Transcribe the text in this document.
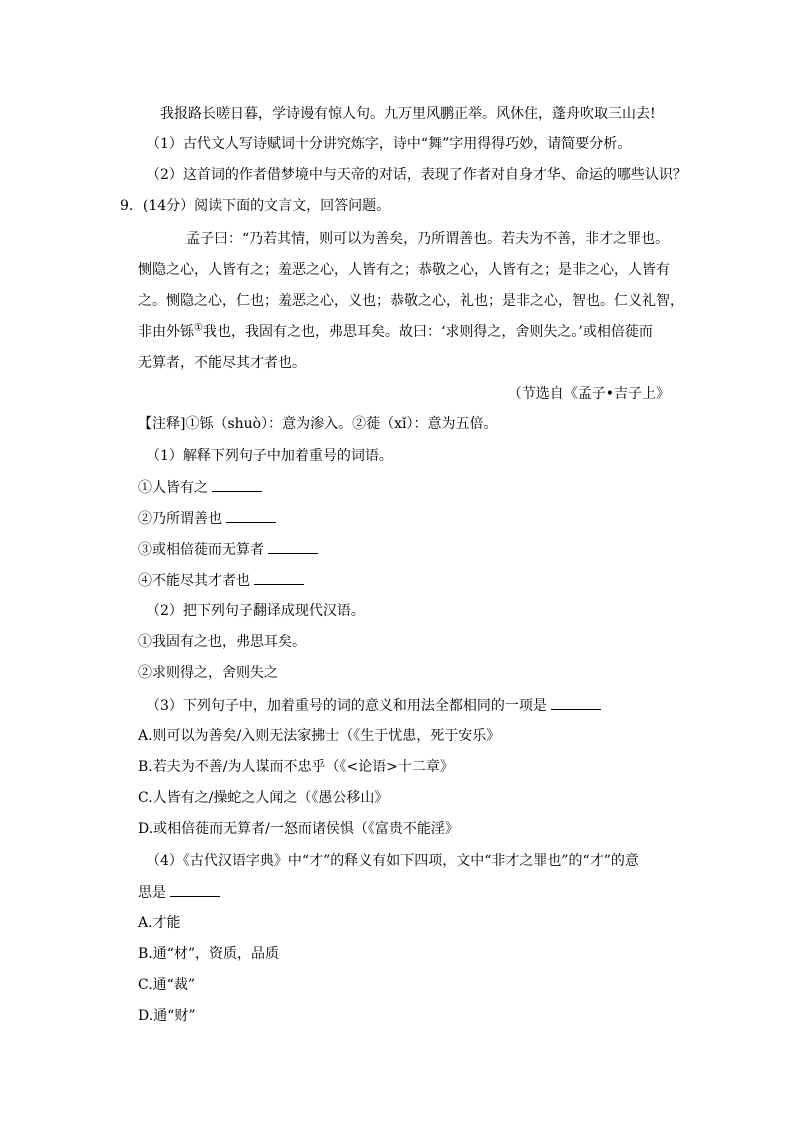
我报路长嗟日暮，学诗谩有惊人句。九万里风鹏正举。风休住，蓬舟吹取三山去!
（1）古代文人写诗赋词十分讲究炼字，诗中“舞”字用得得巧妙，请简要分析。
（2）这首词的作者借梦境中与天帝的对话，表现了作者对自身才华、命运的哪些认识？
9．(14分）阅读下面的文言文，回答问题。
孟子曰：“乃若其情，则可以为善矣，乃所谓善也。若夫为不善，非才之罪也。
恻隐之心，人皆有之；羞恶之心，人皆有之；恭敬之心，人皆有之；是非之心，人皆有
之。恻隐之心，仁也；羞恶之心，义也；恭敬之心，礼也；是非之心，智也。仁义礼智，
非由外铄①我也，我固有之也，弗思耳矣。故曰：‘求则得之，舍则失之。’或相倍蓰而
无算者，不能尽其才者也。
（节选自《孟子•吉子上》
【注释]①铄（shuò）：意为渗入。②蓰（xǐ）：意为五倍。
（1）解释下列句子中加着重号的词语。
①人皆有之
②乃所谓善也
③或相倍蓰而无算者
④不能尽其才者也
（2）把下列句子翻译成现代汉语。
①我固有之也，弗思耳矣。
②求则得之，舍则失之
（3）下列句子中，加着重号的词的意义和用法全都相同的一项是
A.则可以为善矣/入则无法家拂士（《生于忧患，死于安乐》
B.若夫为不善/为人谋而不忠乎（《<论语>十二章》
C.人皆有之/操蛇之人闻之（《愚公移山》
D.或相倍蓰而无算者/一怒而诸侯惧（《富贵不能淫》
（4）《古代汉语字典》中“才”的释义有如下四项，文中“非才之罪也”的“才”的意
思是
A.才能
B.通“材”，资质，品质
C.通“裁”
D.通“财”
